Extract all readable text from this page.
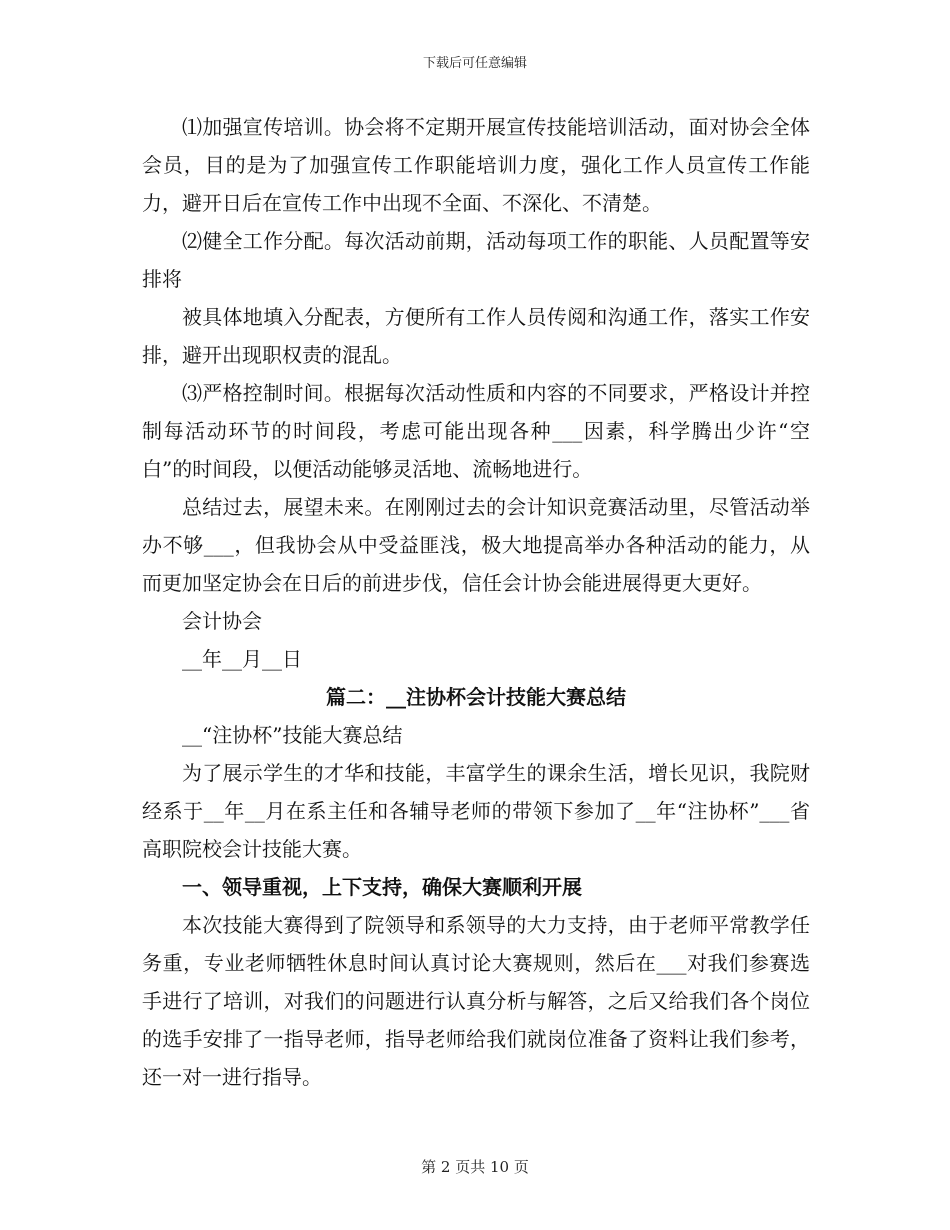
下载后可任意编辑

⑴加强宣传培训。协会将不定期开展宣传技能培训活动，面对协会全体会员，目的是为了加强宣传工作职能培训力度，强化工作人员宣传工作能力，避开日后在宣传工作中出现不全面、不深化、不清楚。

⑵健全工作分配。每次活动前期，活动每项工作的职能、人员配置等安排将

被具体地填入分配表，方便所有工作人员传阅和沟通工作，落实工作安排，避开出现职权责的混乱。

⑶严格控制时间。根据每次活动性质和内容的不同要求，严格设计并控制每活动环节的时间段，考虑可能出现各种___因素，科学腾出少许“空白”的时间段，以便活动能够灵活地、流畅地进行。

总结过去，展望未来。在刚刚过去的会计知识竞赛活动里，尽管活动举办不够___，但我协会从中受益匪浅，极大地提高举办各种活动的能力，从而更加坚定协会在日后的前进步伐，信任会计协会能进展得更大更好。

会计协会

__年__月__日

篇二：__注协杯会计技能大赛总结

__“注协杯”技能大赛总结

为了展示学生的才华和技能，丰富学生的课余生活，增长见识，我院财经系于__年__月在系主任和各辅导老师的带领下参加了__年“注协杯”___省高职院校会计技能大赛。

一、领导重视，上下支持，确保大赛顺利开展

本次技能大赛得到了院领导和系领导的大力支持，由于老师平常教学任务重，专业老师牺牲休息时间认真讨论大赛规则，然后在___对我们参赛选手进行了培训，对我们的问题进行认真分析与解答，之后又给我们各个岗位的选手安排了一指导老师，指导老师给我们就岗位准备了资料让我们参考，还一对一进行指导。

第 2 页共 10 页
